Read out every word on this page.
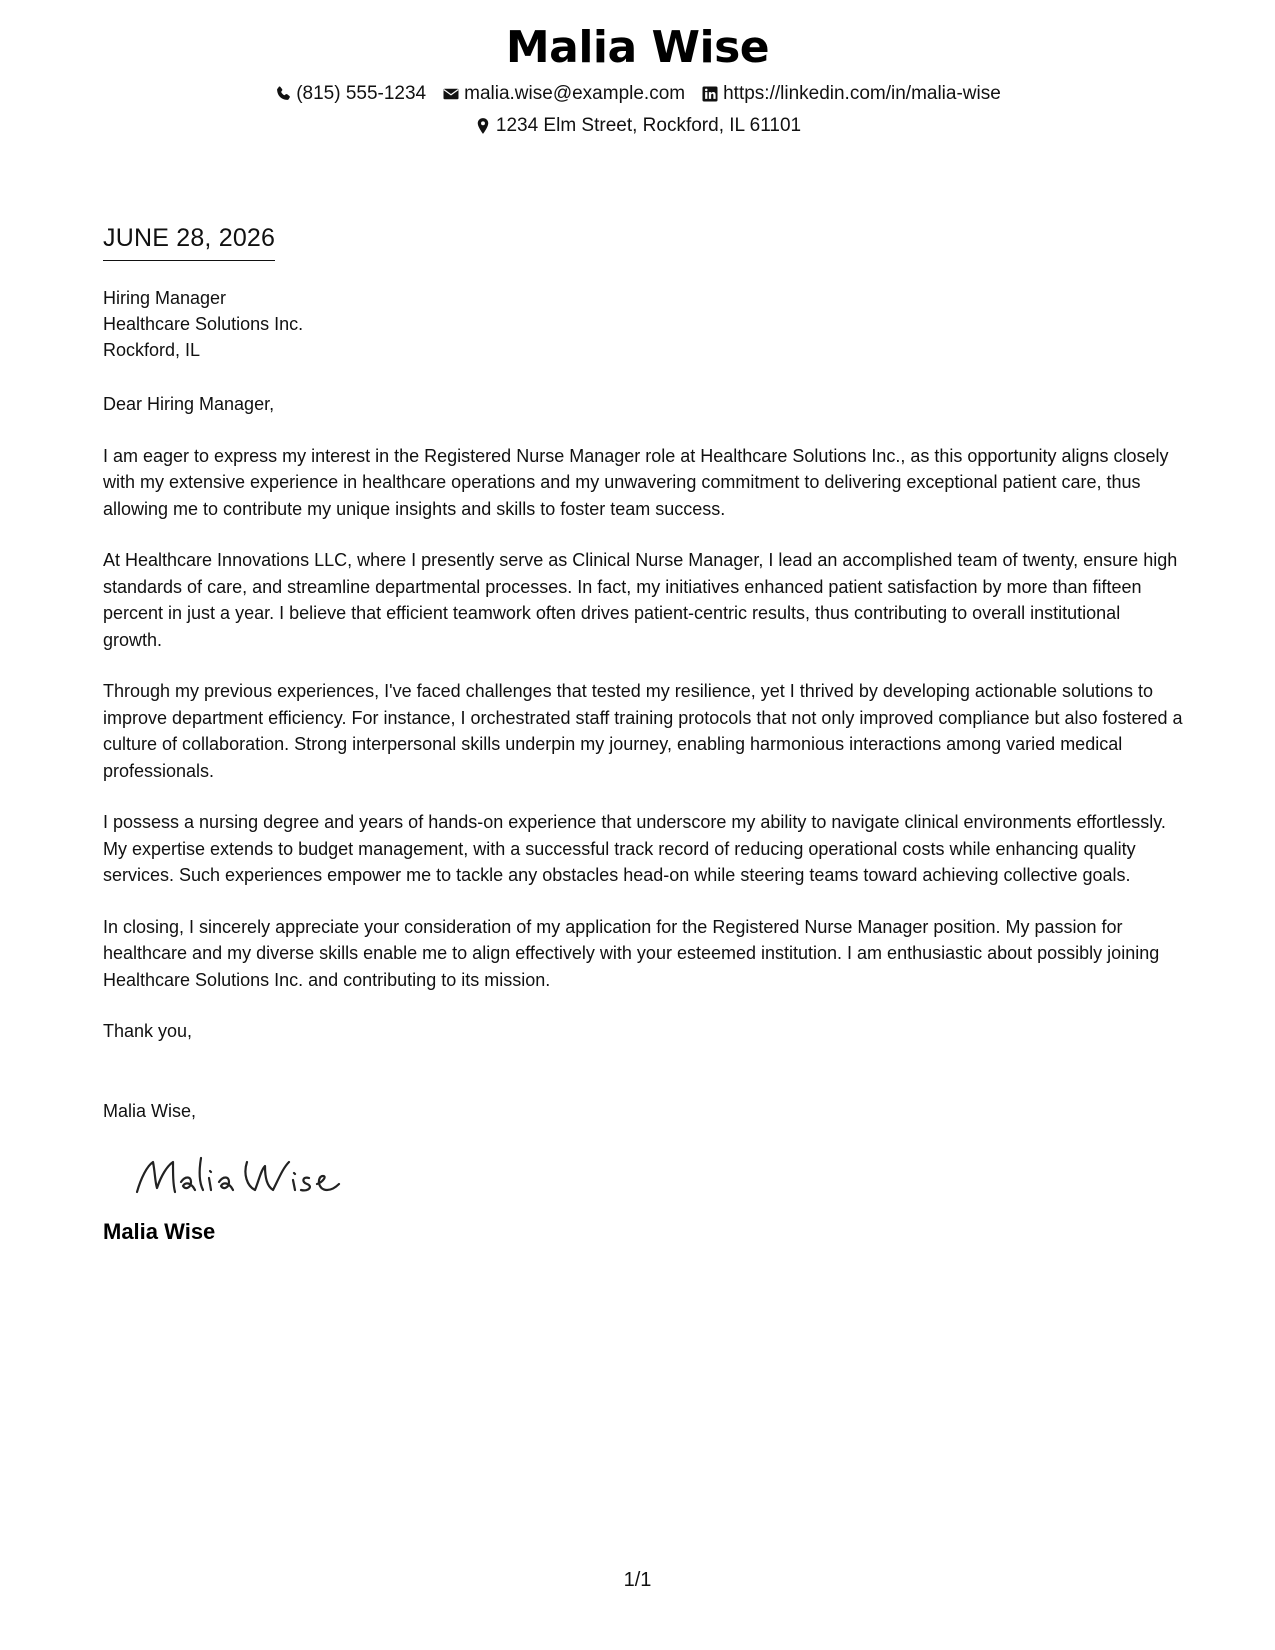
Malia Wise
(815) 555-1234 malia.wise@example.com https://linkedin.com/in/malia-wise
1234 Elm Street, Rockford, IL 61101
JUNE 28, 2026
Hiring Manager
Healthcare Solutions Inc.
Rockford, IL
Dear Hiring Manager,

I am eager to express my interest in the Registered Nurse Manager role at Healthcare Solutions Inc., as this opportunity aligns closely with my extensive experience in healthcare operations and my unwavering commitment to delivering exceptional patient care, thus allowing me to contribute my unique insights and skills to foster team success.

At Healthcare Innovations LLC, where I presently serve as Clinical Nurse Manager, I lead an accomplished team of twenty, ensure high standards of care, and streamline departmental processes. In fact, my initiatives enhanced patient satisfaction by more than fifteen percent in just a year. I believe that efficient teamwork often drives patient-centric results, thus contributing to overall institutional growth.

Through my previous experiences, I've faced challenges that tested my resilience, yet I thrived by developing actionable solutions to improve department efficiency. For instance, I orchestrated staff training protocols that not only improved compliance but also fostered a culture of collaboration. Strong interpersonal skills underpin my journey, enabling harmonious interactions among varied medical professionals.

I possess a nursing degree and years of hands-on experience that underscore my ability to navigate clinical environments effortlessly. My expertise extends to budget management, with a successful track record of reducing operational costs while enhancing quality services. Such experiences empower me to tackle any obstacles head-on while steering teams toward achieving collective goals.

In closing, I sincerely appreciate your consideration of my application for the Registered Nurse Manager position. My passion for healthcare and my diverse skills enable me to align effectively with your esteemed institution. I am enthusiastic about possibly joining Healthcare Solutions Inc. and contributing to its mission.

Thank you,
Malia Wise,
Malia Wise
1/1
